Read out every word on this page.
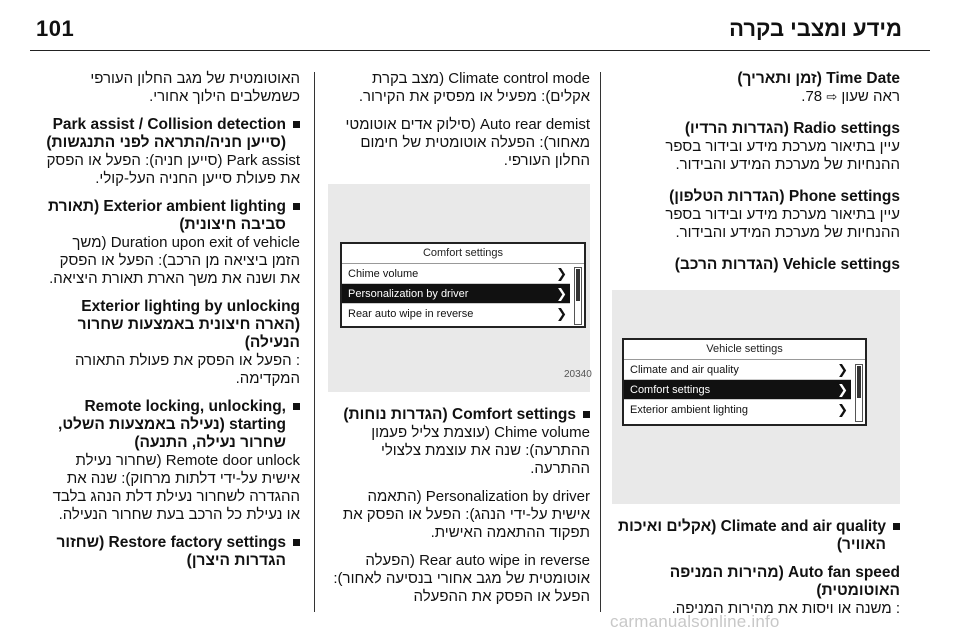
101	מידע ומצבי בקרה
האוטומטית של מגב החלון העורפי כשמשלבים הילוך אחורי.
Park assist / Collision detection (סייען חניה/התראה לפני התנגשות)
Park assist (סייען חניה): הפעל או הפסק את פעולת סייען החניה העל-קולי.
Exterior ambient lighting (תאורת סביבה חיצונית)
Duration upon exit of vehicle (משך הזמן ביציאה מן הרכב): הפעל או הפסק את ושנה את משך הארת תאורת היציאה.
Exterior lighting by unlocking (הארה חיצונית באמצעות שחרור הנעילה)
: הפעל או הפסק את פעולת התאורה המקדימה.
Remote locking, unlocking, starting (נעילה באמצעות השלט, שחרור נעילה, התנעה)
Remote door unlock (שחרור נעילת אישית על-ידי דלתות מרחוק): שנה את ההגדרה לשחרור נעילת דלת הנהג בלבד או נעילת כל הרכב בעת שחרור הנעילה.
Restore factory settings (שחזור הגדרות היצרן)
Climate control mode (מצב בקרת אקלים): מפעיל או מפסיק את הקירור.
Auto rear demist (סילוק אדים אוטומטי מאחור): הפעלה אוטומטית של חימום החלון העורפי.
Comfort settings
Chime volume	❯
Personalization by driver	❯
Rear auto wipe in reverse	❯
20340
Comfort settings (הגדרות נוחות)
Chime volume (עוצמת צליל פעמון ההתרעה): שנה את עוצמת צלצולי ההתרעה.
Personalization by driver (התאמה אישית על-ידי הנהג): הפעל או הפסק את תפקוד ההתאמה האישית.
Rear auto wipe in reverse (הפעלה אוטומטית של מגב אחורי בנסיעה לאחור): הפעל או הפסק את ההפעלה
Time Date (זמן ותאריך)
ראה שעון ⇨ 78.
Radio settings (הגדרות הרדיו)
עיין בתיאור מערכת מידע ובידור בספר ההנחיות של מערכת המידע והבידור.
Phone settings (הגדרות הטלפון)
עיין בתיאור מערכת מידע ובידור בספר ההנחיות של מערכת המידע והבידור.
Vehicle settings (הגדרות הרכב)
Vehicle settings
Climate and air quality	❯
Comfort settings	❯
Exterior ambient lighting	❯
Climate and air quality (אקלים ואיכות האוויר)
Auto fan speed (מהירות המניפה האוטומטית)
: משנה או ויסות את מהירות המניפה.
carmanualsonline.info
